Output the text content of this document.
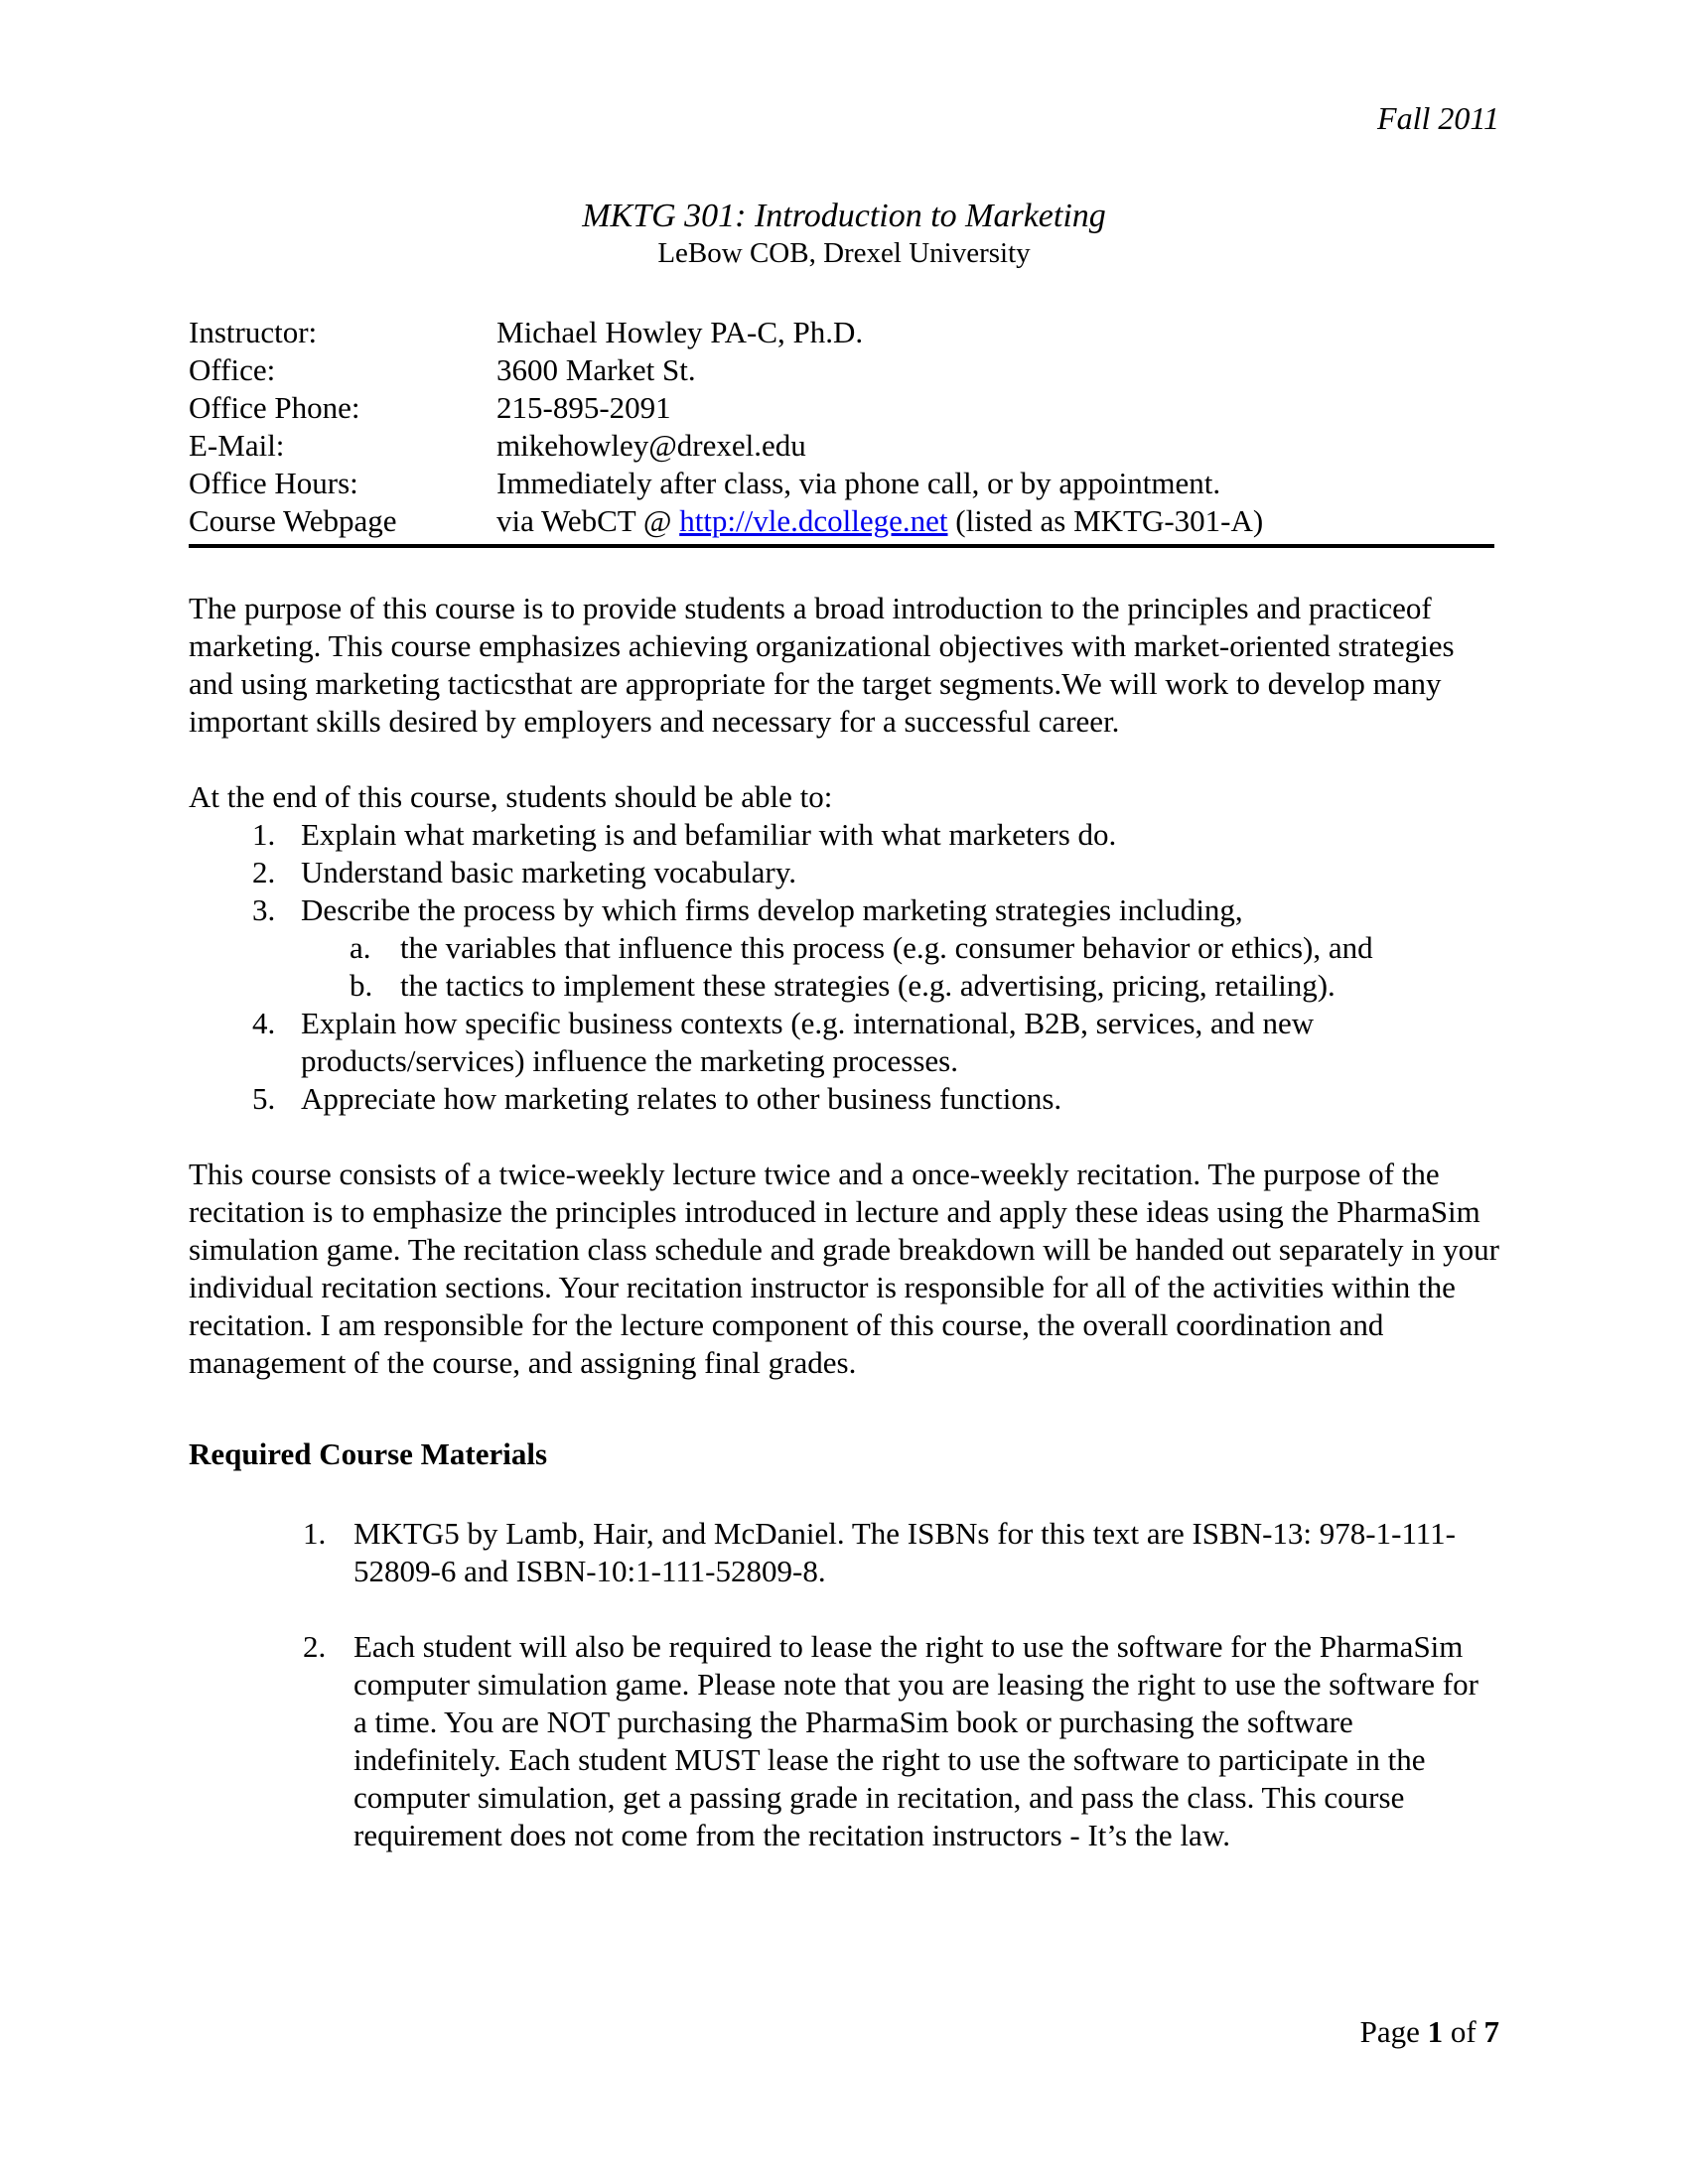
Fall 2011
MKTG 301: Introduction to Marketing
LeBow COB, Drexel University
Instructor:	Michael Howley PA-C, Ph.D.
Office:	3600 Market St.
Office Phone:	215-895-2091
E-Mail:	mikehowley@drexel.edu
Office Hours:	Immediately after class, via phone call, or by appointment.
Course Webpage	via WebCT @ http://vle.dcollege.net (listed as MKTG-301-A)

The purpose of this course is to provide students a broad introduction to the principles and practiceof marketing. This course emphasizes achieving organizational objectives with market-oriented strategies and using marketing tacticsthat are appropriate for the target segments.We will work to develop many important skills desired by employers and necessary for a successful career.

At the end of this course, students should be able to:

1. Explain what marketing is and befamiliar with what marketers do.
2. Understand basic marketing vocabulary.
3. Describe the process by which firms develop marketing strategies including,
a. the variables that influence this process (e.g. consumer behavior or ethics), and
b. the tactics to implement these strategies (e.g. advertising, pricing, retailing).
4. Explain how specific business contexts (e.g. international, B2B, services, and new products/services) influence the marketing processes.
5. Appreciate how marketing relates to other business functions.

This course consists of a twice-weekly lecture twice and a once-weekly recitation. The purpose of the recitation is to emphasize the principles introduced in lecture and apply these ideas using the PharmaSim simulation game. The recitation class schedule and grade breakdown will be handed out separately in your individual recitation sections. Your recitation instructor is responsible for all of the activities within the recitation. I am responsible for the lecture component of this course, the overall coordination and management of the course, and assigning final grades.

Required Course Materials
1. MKTG5 by Lamb, Hair, and McDaniel. The ISBNs for this text are ISBN-13: 978-1-111-52809-6 and ISBN-10:1-111-52809-8.
2. Each student will also be required to lease the right to use the software for the PharmaSim computer simulation game. Please note that you are leasing the right to use the software for a time. You are NOT purchasing the PharmaSim book or purchasing the software indefinitely. Each student MUST lease the right to use the software to participate in the computer simulation, get a passing grade in recitation, and pass the class. This course requirement does not come from the recitation instructors - It’s the law.
Page 1 of 7
